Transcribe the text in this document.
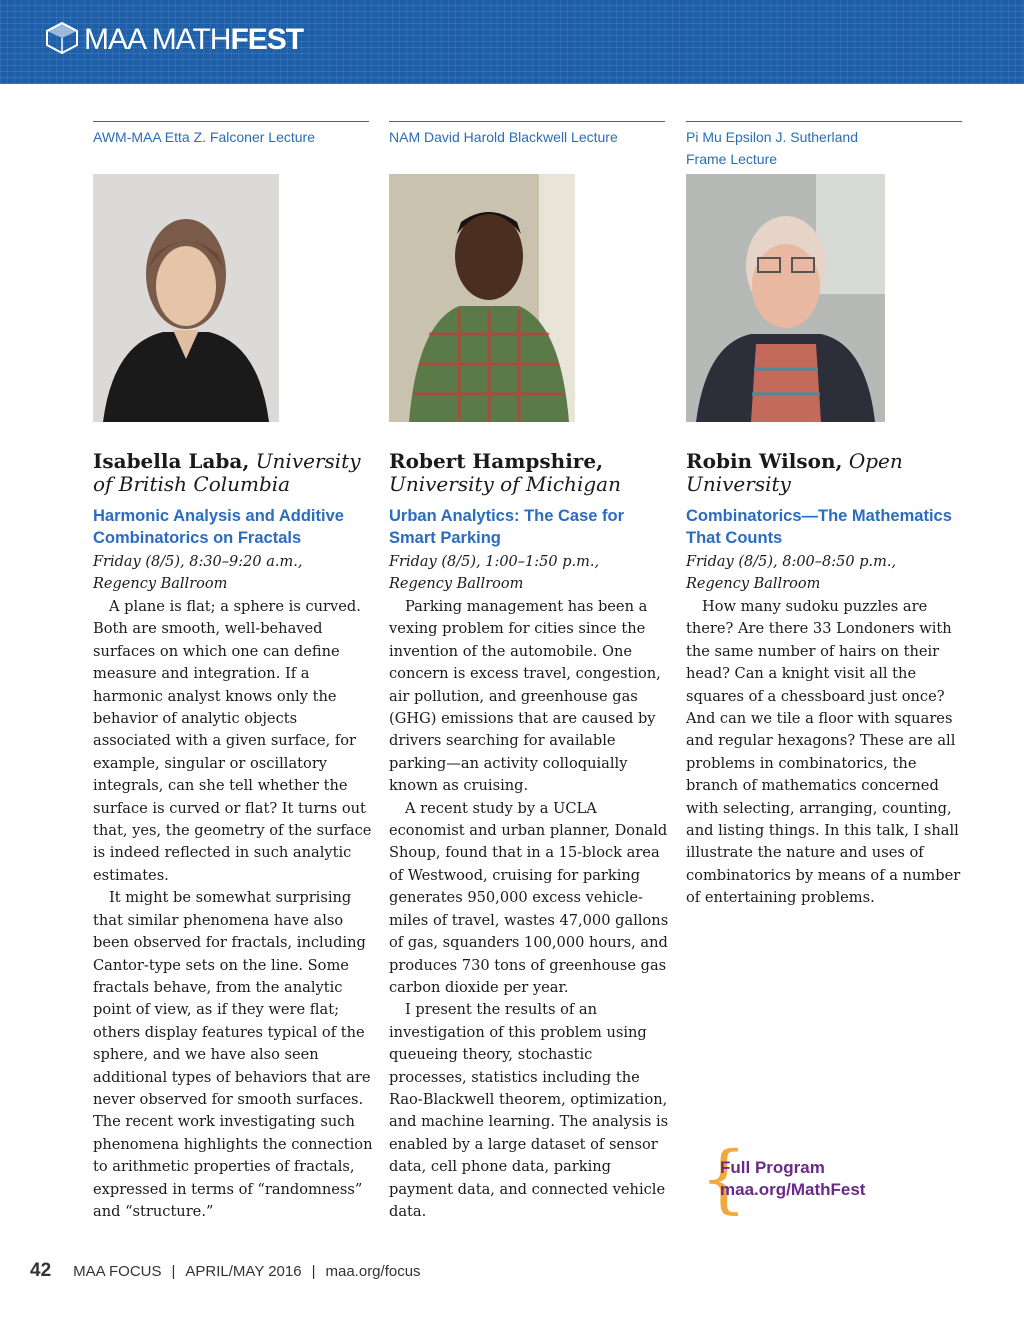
MAA MATHFEST
AWM-MAA Etta Z. Falconer Lecture
Isabella Laba, University of British Columbia
Harmonic Analysis and Additive Combinatorics on Fractals
Friday (8/5), 8:30–9:20 a.m., Regency Ballroom

A plane is flat; a sphere is curved. Both are smooth, well-behaved surfaces on which one can define measure and integration. If a harmonic analyst knows only the behavior of analytic objects associated with a given surface, for example, singular or oscillatory integrals, can she tell whether the surface is curved or flat? It turns out that, yes, the geometry of the surface is indeed reflected in such analytic estimates.

It might be somewhat surprising that similar phenomena have also been observed for fractals, including Cantor-type sets on the line. Some fractals behave, from the analytic point of view, as if they were flat; others display features typical of the sphere, and we have also seen additional types of behaviors that are never observed for smooth surfaces. The recent work investigating such phenomena highlights the connection to arithmetic properties of fractals, expressed in terms of “randomness” and “structure.”

NAM David Harold Blackwell Lecture
Robert Hampshire, University of Michigan
Urban Analytics: The Case for Smart Parking
Friday (8/5), 1:00–1:50 p.m., Regency Ballroom

Parking management has been a vexing problem for cities since the invention of the automobile. One concern is excess travel, congestion, air pollution, and greenhouse gas (GHG) emissions that are caused by drivers searching for available parking—an activity colloquially known as cruising.

A recent study by a UCLA economist and urban planner, Donald Shoup, found that in a 15-block area of Westwood, cruising for parking generates 950,000 excess vehicle-miles of travel, wastes 47,000 gallons of gas, squanders 100,000 hours, and produces 730 tons of greenhouse gas carbon dioxide per year.

I present the results of an investigation of this problem using queueing theory, stochastic processes, statistics including the Rao-Blackwell theorem, optimization, and machine learning. The analysis is enabled by a large dataset of sensor data, cell phone data, parking payment data, and connected vehicle data.

Pi Mu Epsilon J. Sutherland Frame Lecture
Robin Wilson, Open University
Combinatorics—The Mathematics That Counts
Friday (8/5), 8:00–8:50 p.m., Regency Ballroom

How many sudoku puzzles are there? Are there 33 Londoners with the same number of hairs on their head? Can a knight visit all the squares of a chessboard just once? And can we tile a floor with squares and regular hexagons? These are all problems in combinatorics, the branch of mathematics concerned with selecting, arranging, counting, and listing things. In this talk, I shall illustrate the nature and uses of combinatorics by means of a number of entertaining problems.

{
Full Program
maa.org/MathFest
42 MAA FOCUS | APRIL/MAY 2016 | maa.org/focus
